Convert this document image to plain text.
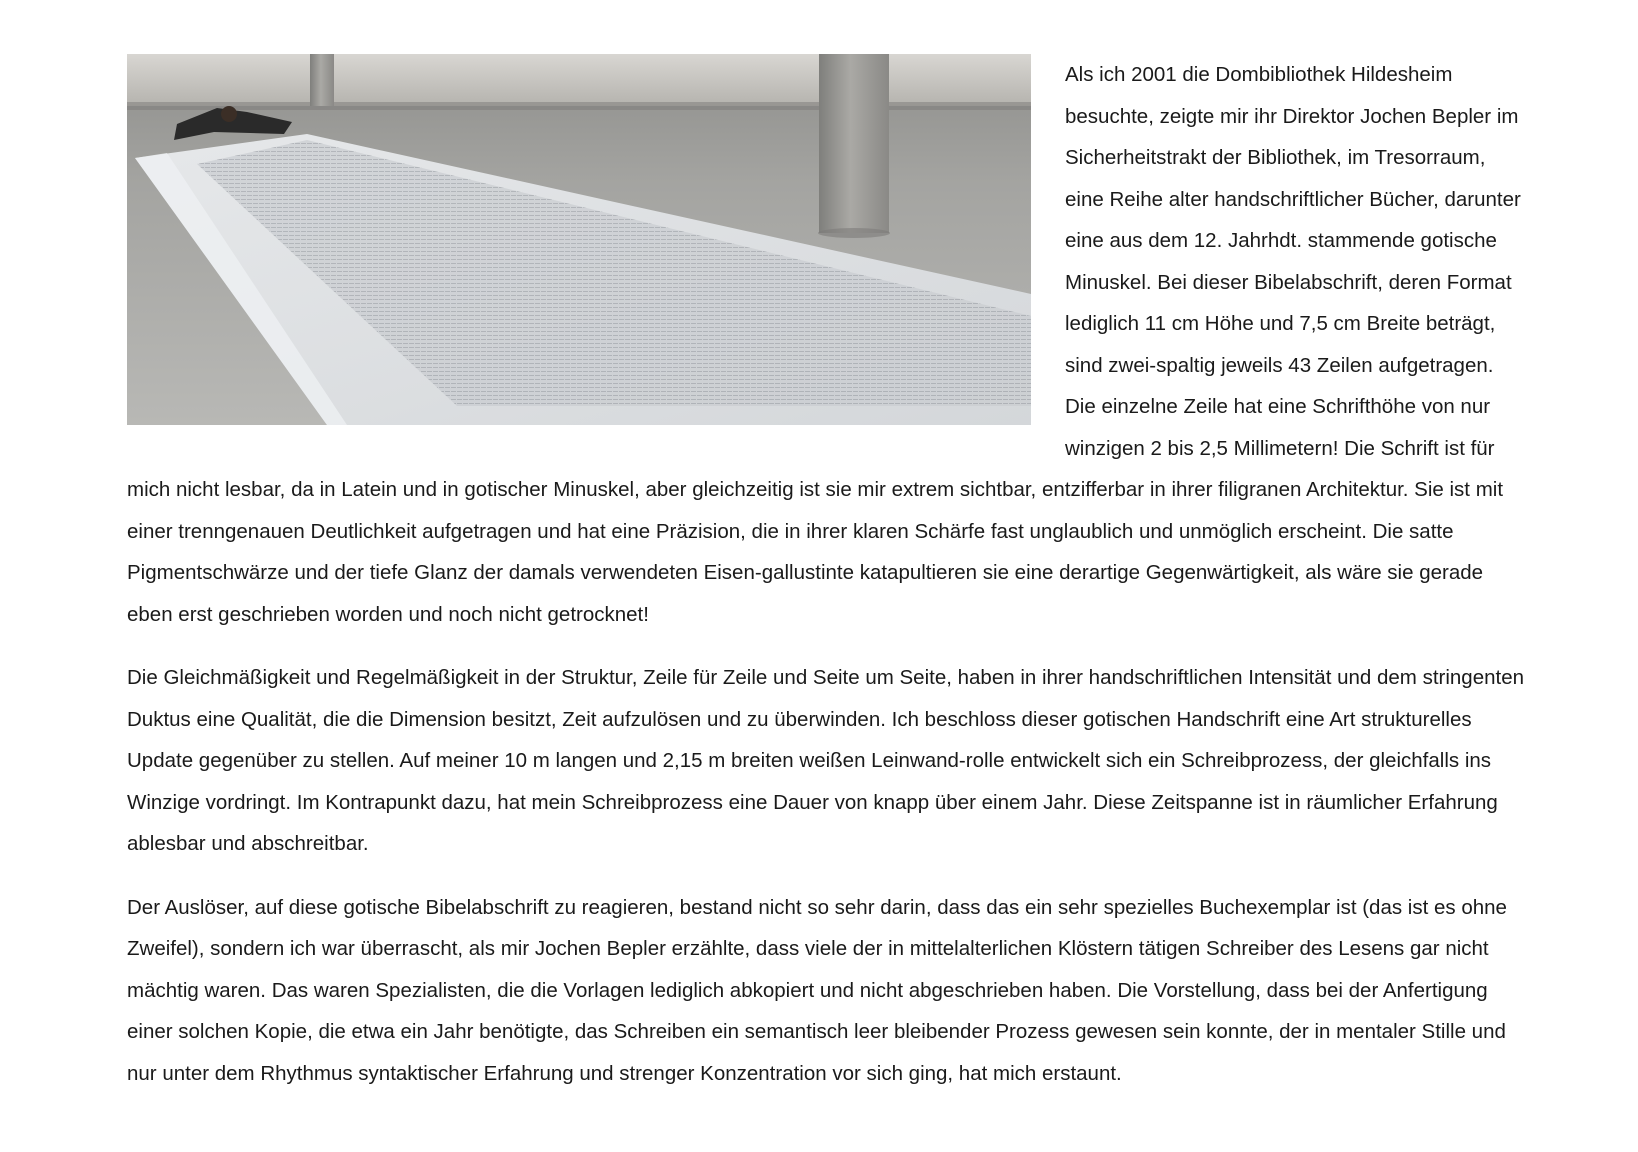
Als ich 2001 die Dombibliothek Hildesheim besuchte, zeigte mir ihr Direktor Jochen Bepler im Sicherheitstrakt der Bibliothek, im Tresorraum, eine Reihe alter handschriftlicher Bücher, darunter eine aus dem 12. Jahrhdt. stammende gotische Minuskel. Bei dieser Bibelabschrift, deren Format lediglich 11 cm Höhe und 7,5 cm Breite beträgt, sind zwei-spaltig jeweils 43 Zeilen aufgetragen. Die einzelne Zeile hat eine Schrifthöhe von nur winzigen 2 bis 2,5 Millimetern! Die Schrift ist für mich nicht lesbar, da in Latein und in gotischer Minuskel, aber gleichzeitig ist sie mir extrem sichtbar, entzifferbar in ihrer filigranen Architektur. Sie ist mit einer trenngenauen Deutlichkeit aufgetragen und hat eine Präzision, die in ihrer klaren Schärfe fast unglaublich und unmöglich erscheint. Die satte Pigmentschwärze und der tiefe Glanz der damals verwendeten Eisen-gallustinte katapultieren sie eine derartige Gegenwärtigkeit, als wäre sie gerade eben erst geschrieben worden und noch nicht getrocknet!

Die Gleichmäßigkeit und Regelmäßigkeit in der Struktur, Zeile für Zeile und Seite um Seite, haben in ihrer handschriftlichen Intensität und dem stringenten Duktus eine Qualität, die die Dimension besitzt, Zeit aufzulösen und zu überwinden. Ich beschloss dieser gotischen Handschrift eine Art strukturelles Update gegenüber zu stellen. Auf meiner 10 m langen und 2,15 m breiten weißen Leinwand-rolle entwickelt sich ein Schreibprozess, der gleichfalls ins Winzige vordringt. Im Kontrapunkt dazu, hat mein Schreibprozess eine Dauer von knapp über einem Jahr. Diese Zeitspanne ist in räumlicher Erfahrung ablesbar und abschreitbar.

Der Auslöser, auf diese gotische Bibelabschrift zu reagieren, bestand nicht so sehr darin, dass das ein sehr spezielles Buchexemplar ist (das ist es ohne Zweifel), sondern ich war überrascht, als mir Jochen Bepler erzählte, dass viele der in mittelalterlichen Klöstern tätigen Schreiber des Lesens gar nicht mächtig waren. Das waren Spezialisten, die die Vorlagen lediglich abkopiert und nicht abgeschrieben haben. Die Vorstellung, dass bei der Anfertigung einer solchen Kopie, die etwa ein Jahr benötigte, das Schreiben ein semantisch leer bleibender Prozess gewesen sein konnte, der in mentaler Stille und nur unter dem Rhythmus syntaktischer Erfahrung und strenger Konzentration vor sich ging, hat mich erstaunt.
